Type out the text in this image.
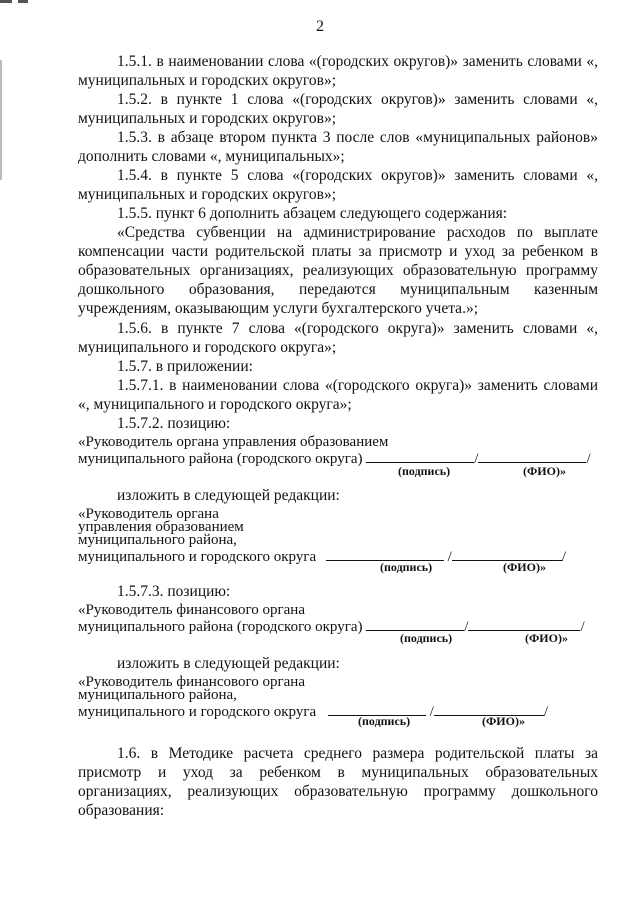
2
1.5.1. в наименовании слова «(городских округов)» заменить словами «, муниципальных и городских округов»;
1.5.2. в пункте 1 слова «(городских округов)» заменить словами «, муниципальных и городских округов»;
1.5.3. в абзаце втором пункта 3 после слов «муниципальных районов» дополнить словами «, муниципальных»;
1.5.4. в пункте 5 слова «(городских округов)» заменить словами «, муниципальных и городских округов»;
1.5.5. пункт 6 дополнить абзацем следующего содержания:
«Средства субвенции на администрирование расходов по выплате компенсации части родительской платы за присмотр и уход за ребенком в образовательных организациях, реализующих образовательную программу дошкольного образования, передаются муниципальным казенным учреждениям, оказывающим услуги бухгалтерского учета.»;
1.5.6. в пункте 7 слова «(городского округа)» заменить словами «, муниципального и городского округа»;
1.5.7. в приложении:
1.5.7.1. в наименовании слова «(городского округа)» заменить словами «, муниципального и городского округа»;
1.5.7.2. позицию:
«Руководитель органа управления образованием
муниципального района (городского округа)	/	/
(подпись)	(ФИО)»
изложить в следующей редакции:
«Руководитель органа
управления образованием
муниципального района,
муниципального и городского округа	/	/
(подпись)	(ФИО)»
1.5.7.3. позицию:
«Руководитель финансового органа
муниципального района (городского округа)	/	/
(подпись)	(ФИО)»
изложить в следующей редакции:
«Руководитель финансового органа
муниципального района,
муниципального и городского округа	/	/
(подпись)	(ФИО)»
1.6. в Методике расчета среднего размера родительской платы за присмотр и уход за ребенком в муниципальных образовательных организациях, реализующих образовательную программу дошкольного образования:
